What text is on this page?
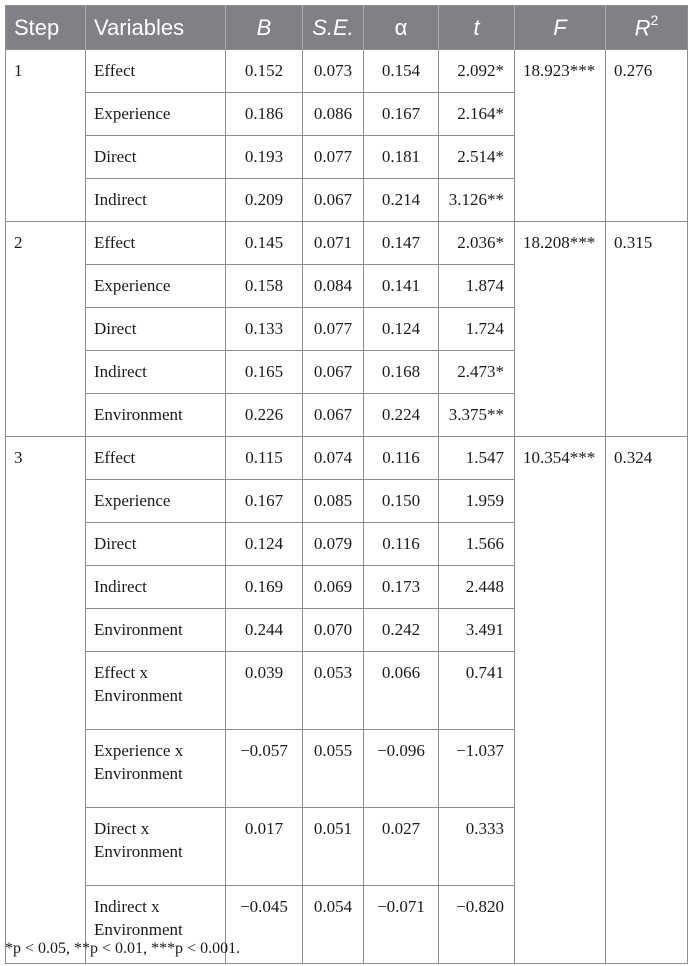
Step	Variables	B	S.E.	α	t	F	$R^2$
1	Effect	0.152	0.073	0.154	2.092*	18.923***	0.276
	Experience	0.186	0.086	0.167	2.164*		
	Direct	0.193	0.077	0.181	2.514*		
	Indirect	0.209	0.067	0.214	3.126**		
2	Effect	0.145	0.071	0.147	2.036*	18.208***	0.315
	Experience	0.158	0.084	0.141	1.874		
	Direct	0.133	0.077	0.124	1.724		
	Indirect	0.165	0.067	0.168	2.473*		
	Environment	0.226	0.067	0.224	3.375**		
3	Effect	0.115	0.074	0.116	1.547	10.354***	0.324
	Experience	0.167	0.085	0.150	1.959		
	Direct	0.124	0.079	0.116	1.566		
	Indirect	0.169	0.069	0.173	2.448		
	Environment	0.244	0.070	0.242	3.491		
	Effect x Environment	0.039	0.053	0.066	0.741		
	Experience x Environment	−0.057	0.055	−0.096	−1.037		
	Direct x Environment	0.017	0.051	0.027	0.333		
	Indirect x Environment	−0.045	0.054	−0.071	−0.820		
*p < 0.05, **p < 0.01, ***p < 0.001.
